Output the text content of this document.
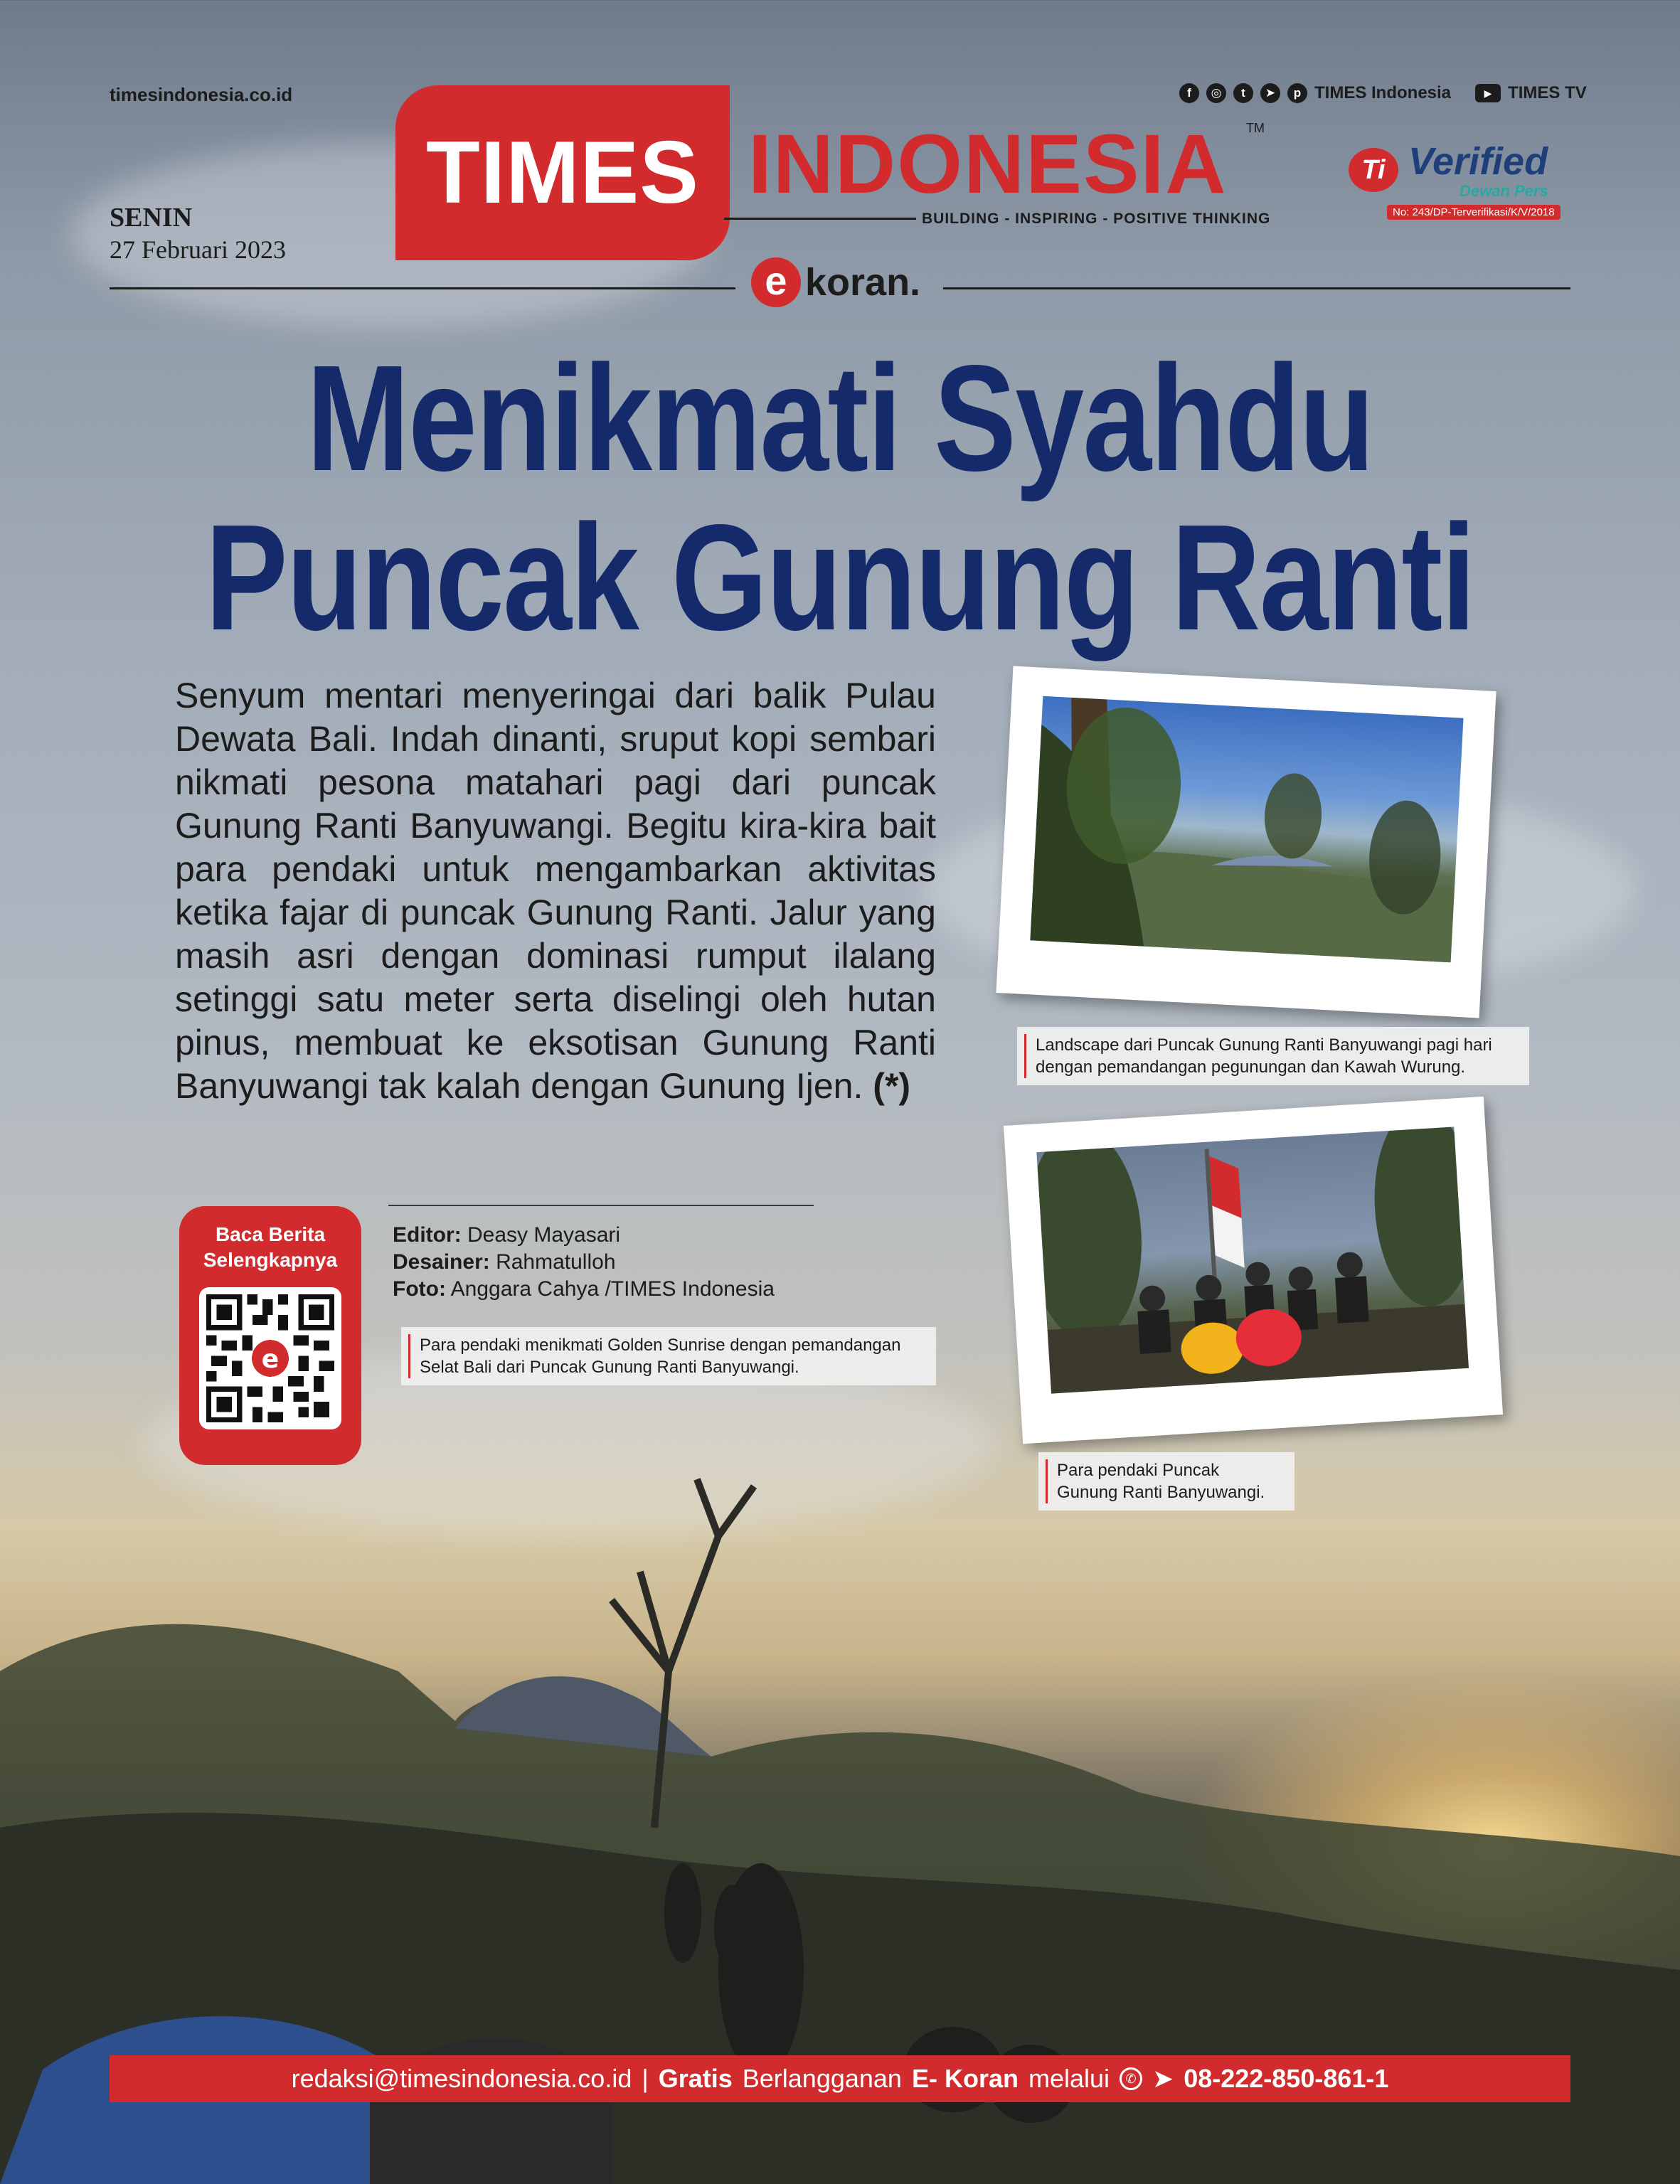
timesindonesia.co.id	f	◎	t	➤	p TIMES Indonesia	▶ TIMES TV
TIMES INDONESIA TM
BUILDING - INSPIRING - POSITIVE THINKING
Ti Verified
Dewan Pers
No: 243/DP-Terverifikasi/K/V/2018
SENIN
27 Februari 2023
e koran.
Menikmati Syahdu
Puncak Gunung Ranti
Senyum mentari menyeringai dari balik Pulau Dewata Bali. Indah dinanti, sruput kopi sembari nikmati pesona matahari pagi dari puncak Gunung Ranti Banyuwangi. Begitu kira-kira bait para pendaki untuk mengambarkan aktivitas ketika fajar di puncak Gunung Ranti. Jalur yang masih asri dengan dominasi rumput ilalang setinggi satu meter serta diselingi oleh hutan pinus, membuat ke eksotisan Gunung Ranti Banyuwangi tak kalah dengan Gunung Ijen. (*)
Landscape dari Puncak Gunung Ranti Banyuwangi pagi hari
dengan pemandangan pegunungan dan Kawah Wurung.
Para pendaki Puncak
Gunung Ranti Banyuwangi.
Editor: Deasy Mayasari
Desainer: Rahmatulloh
Foto: Anggara Cahya /TIMES Indonesia
Para pendaki menikmati Golden Sunrise dengan pemandangan
Selat Bali dari Puncak Gunung Ranti Banyuwangi.
Baca Berita
Selengkapnya
e
redaksi@timesindonesia.co.id | Gratis Berlangganan E- Koran melalui	✆ ➤ 08-222-850-861-1
